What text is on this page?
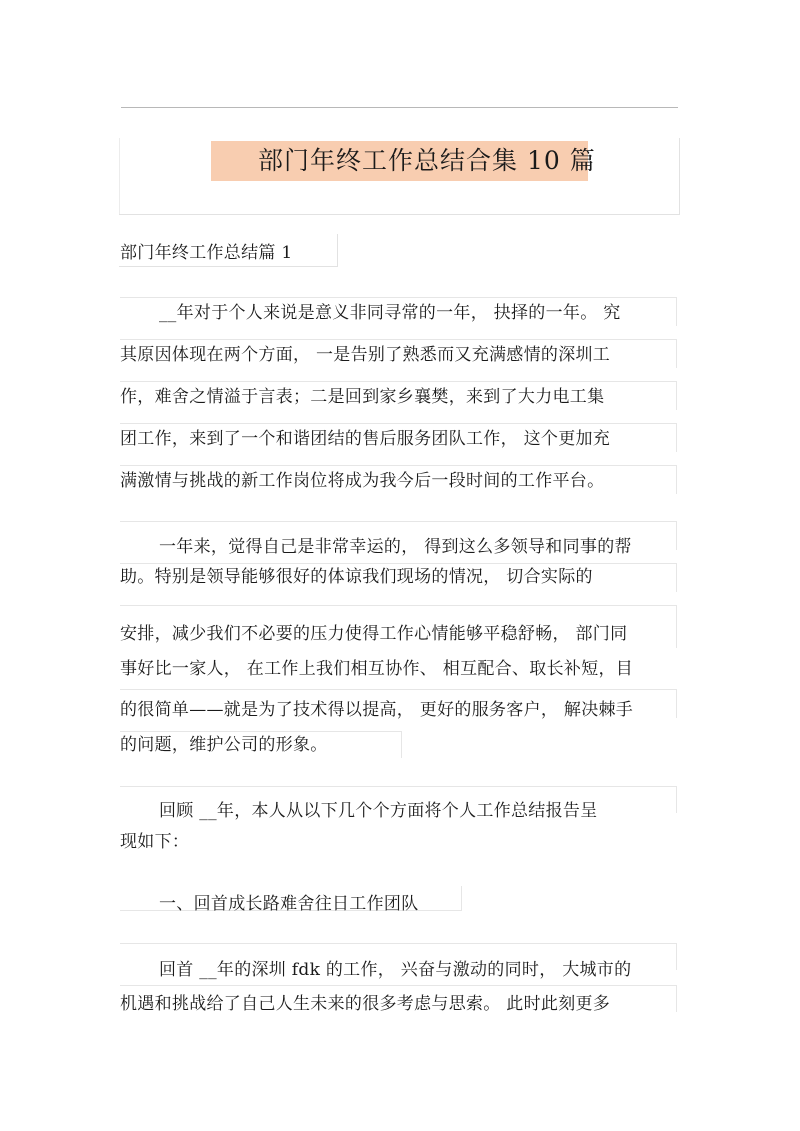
部门年终工作总结合集 10 篇
部门年终工作总结篇 1
__年对于个人来说是意义非同寻常的一年， 抉择的一年。 究
其原因体现在两个方面， 一是告别了熟悉而又充满感情的深圳工
作，难舍之情溢于言表；二是回到家乡襄樊，来到了大力电工集
团工作，来到了一个和谐团结的售后服务团队工作， 这个更加充
满激情与挑战的新工作岗位将成为我今后一段时间的工作平台。
一年来，觉得自己是非常幸运的， 得到这么多领导和同事的帮
助。特别是领导能够很好的体谅我们现场的情况， 切合实际的
安排，减少我们不必要的压力使得工作心情能够平稳舒畅， 部门同
事好比一家人， 在工作上我们相互协作、 相互配合、取长补短，目
的很简单——就是为了技术得以提高， 更好的服务客户， 解决棘手
的问题，维护公司的形象。
回顾 __年，本人从以下几个个方面将个人工作总结报告呈
现如下：
一、回首成长路难舍往日工作团队
回首 __年的深圳 fdk 的工作， 兴奋与激动的同时， 大城市的
机遇和挑战给了自己人生未来的很多考虑与思索。 此时此刻更多
